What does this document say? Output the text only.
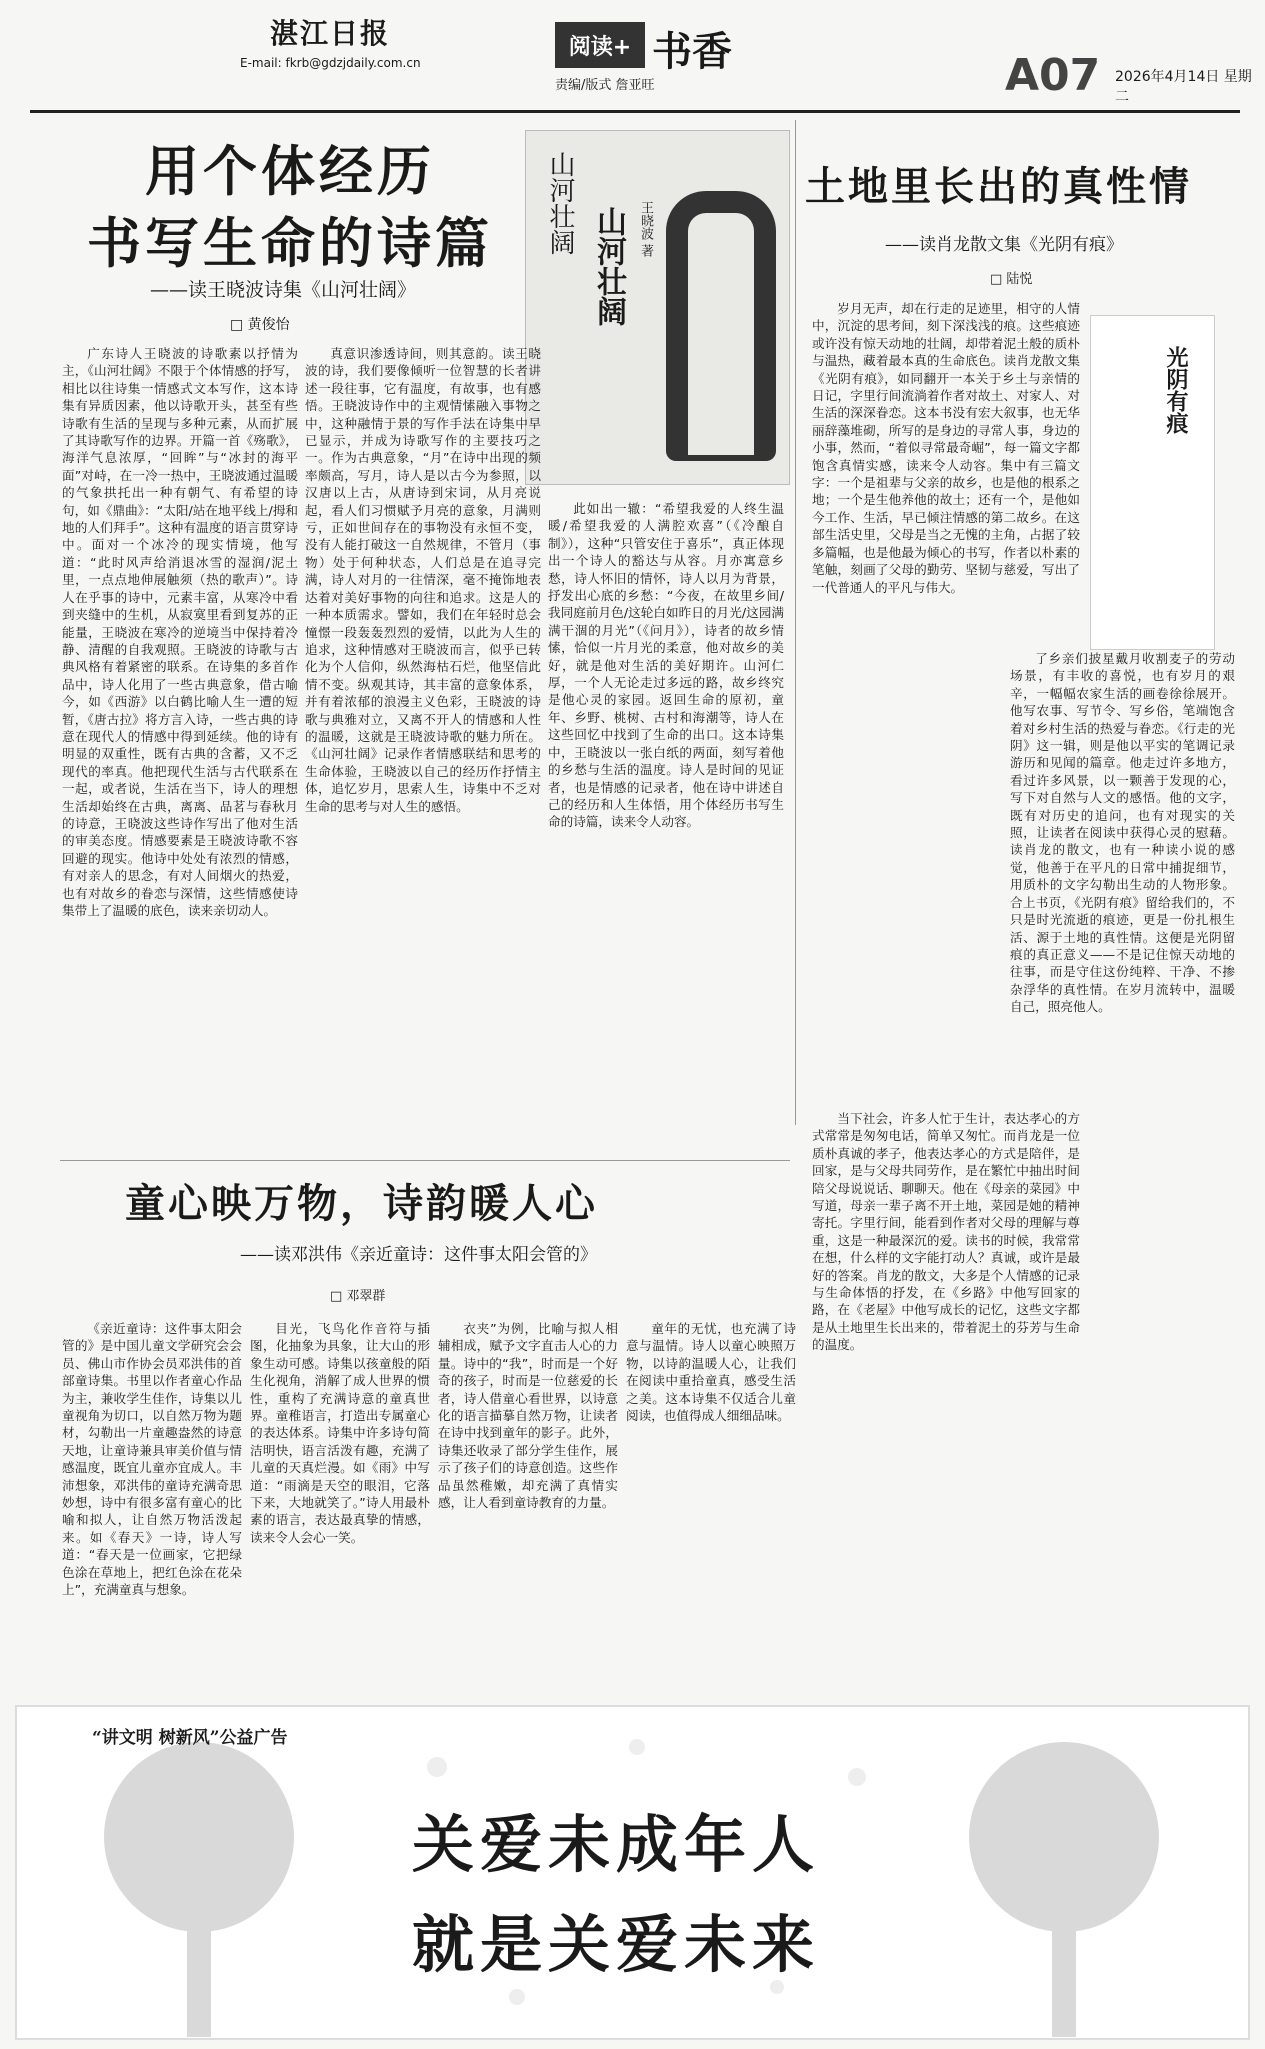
湛江日报
E-mail: fkrb@gdzjdaily.com.cn
阅读+ 书香
责编/版式 詹亚旺	A07 2026年4月14日 星期二
用个体经历
书写生命的诗篇
——读王晓波诗集《山河壮阔》
□ 黄俊怡
山河壮阔
山河壮阔 王晓波 著

广东诗人王晓波的诗歌素以抒情为主，《山河壮阔》不限于个体情感的抒写，相比以往诗集一情感式文本写作，这本诗集有异质因素，他以诗歌开头，甚至有些诗歌有生活的呈现与多种元素，从而扩展了其诗歌写作的边界。开篇一首《殇歌》，海洋气息浓厚，“回眸”与“冰封的海平面”对峙，在一冷一热中，王晓波通过温暖的气象拱托出一种有朝气、有希望的诗句，如《鼎曲》：“太阳/站在地平线上/拇和地的人们拜手”。这种有温度的语言贯穿诗中。面对一个冰冷的现实情境，他写道：“此时风声给消退冰雪的湿润/泥土里，一点点地伸展触须（热的歌声）”。诗人在乎事的诗中，元素丰富，从寒冷中看到夹缝中的生机，从寂寞里看到复苏的正能量，王晓波在寒冷的逆境当中保持着冷静、清醒的自我观照。王晓波的诗歌与古典风格有着紧密的联系。在诗集的多首作品中，诗人化用了一些古典意象，借古喻今，如《西游》以白鹤比喻人生一遭的短暂，《唐古拉》将方言入诗，一些古典的诗意在现代人的情感中得到延续。他的诗有明显的双重性，既有古典的含蓄，又不乏现代的率真。他把现代生活与古代联系在一起，或者说，生活在当下，诗人的理想生活却始终在古典，离离、品茗与春秋月的诗意，王晓波这些诗作写出了他对生活的审美态度。情感要素是王晓波诗歌不容回避的现实。他诗中处处有浓烈的情感，有对亲人的思念，有对人间烟火的热爱，也有对故乡的眷恋与深情，这些情感使诗集带上了温暖的底色，读来亲切动人。

真意识渗透诗间，则其意韵。读王晓波的诗，我们要像倾听一位智慧的长者讲述一段往事，它有温度，有故事，也有感悟。王晓波诗作中的主观情愫融入事物之中，这种融情于景的写作手法在诗集中早已显示，并成为诗歌写作的主要技巧之一。作为古典意象，“月”在诗中出现的频率颇高，写月，诗人是以古今为参照，以汉唐以上古，从唐诗到宋词，从月亮说起，看人们习惯赋予月亮的意象，月满则亏，正如世间存在的事物没有永恒不变，没有人能打破这一自然规律，不管月（事物）处于何种状态，人们总是在追寻完满，诗人对月的一往情深，毫不掩饰地表达着对美好事物的向往和追求。这是人的一种本质需求。譬如，我们在年轻时总会憧憬一段轰轰烈烈的爱情，以此为人生的追求，这种情感对王晓波而言，似乎已转化为个人信仰，纵然海枯石烂，他坚信此情不变。纵观其诗，其丰富的意象体系，并有着浓郁的浪漫主义色彩，王晓波的诗歌与典雅对立，又离不开人的情感和人性的温暖，这就是王晓波诗歌的魅力所在。《山河壮阔》记录作者情感联结和思考的生命体验，王晓波以自己的经历作抒情主体，追忆岁月，思索人生，诗集中不乏对生命的思考与对人生的感悟。

此如出一辙：“希望我爱的人终生温暖/希望我爱的人满腔欢喜”（《冷酿自制》），这种“只管安住于喜乐”，真正体现出一个诗人的豁达与从容。月亦寓意乡愁，诗人怀旧的情怀，诗人以月为背景，抒发出心底的乡愁：“今夜，在故里乡间/我同庭前月色/这轮白如昨日的月光/这园满满干涸的月光”（《问月》），诗者的故乡情愫，恰似一片月光的柔意，他对故乡的美好，就是他对生活的美好期许。山河仁厚，一个人无论走过多远的路，故乡终究是他心灵的家园。返回生命的原初，童年、乡野、桃树、古村和海潮等，诗人在这些回忆中找到了生命的出口。这本诗集中，王晓波以一张白纸的两面，刻写着他的乡愁与生活的温度。诗人是时间的见证者，也是情感的记录者，他在诗中讲述自己的经历和人生体悟，用个体经历书写生命的诗篇，读来令人动容。

土地里长出的真性情
——读肖龙散文集《光阴有痕》
□ 陆悦
光阴有痕

岁月无声，却在行走的足迹里，相守的人情中，沉淀的思考间，刻下深浅浅的痕。这些痕迹或许没有惊天动地的壮阔，却带着泥土般的质朴与温热，藏着最本真的生命底色。读肖龙散文集《光阴有痕》，如同翻开一本关于乡土与亲情的日记，字里行间流淌着作者对故土、对家人、对生活的深深眷恋。这本书没有宏大叙事，也无华丽辞藻堆砌，所写的是身边的寻常人事，身边的小事，然而，“着似寻常最奇崛”，每一篇文字都饱含真情实感，读来令人动容。集中有三篇文字：一个是祖辈与父亲的故乡，也是他的根系之地；一个是生他养他的故土；还有一个，是他如今工作、生活，早已倾注情感的第二故乡。在这部生活史里，父母是当之无愧的主角，占据了较多篇幅，也是他最为倾心的书写，作者以朴素的笔触，刻画了父母的勤劳、坚韧与慈爱，写出了一代普通人的平凡与伟大。

当下社会，许多人忙于生计，表达孝心的方式常常是匆匆电话，简单又匆忙。而肖龙是一位质朴真诚的孝子，他表达孝心的方式是陪伴，是回家，是与父母共同劳作，是在繁忙中抽出时间陪父母说说话、聊聊天。他在《母亲的菜园》中写道，母亲一辈子离不开土地，菜园是她的精神寄托。字里行间，能看到作者对父母的理解与尊重，这是一种最深沉的爱。读书的时候，我常常在想，什么样的文字能打动人？真诚，或许是最好的答案。肖龙的散文，大多是个人情感的记录与生命体悟的抒发，在《乡路》中他写回家的路，在《老屋》中他写成长的记忆，这些文字都是从土地里生长出来的，带着泥土的芬芳与生命的温度。

了乡亲们披星戴月收割麦子的劳动场景，有丰收的喜悦，也有岁月的艰辛，一幅幅农家生活的画卷徐徐展开。他写农事、写节令、写乡俗，笔端饱含着对乡村生活的热爱与眷恋。《行走的光阴》这一辑，则是他以平实的笔调记录游历和见闻的篇章。他走过许多地方，看过许多风景，以一颗善于发现的心，写下对自然与人文的感悟。他的文字，既有对历史的追问，也有对现实的关照，让读者在阅读中获得心灵的慰藉。读肖龙的散文，也有一种读小说的感觉，他善于在平凡的日常中捕捉细节，用质朴的文字勾勒出生动的人物形象。合上书页，《光阴有痕》留给我们的，不只是时光流逝的痕迹，更是一份扎根生活、源于土地的真性情。这便是光阴留痕的真正意义——不是记住惊天动地的往事，而是守住这份纯粹、干净、不掺杂浮华的真性情。在岁月流转中，温暖自己，照亮他人。

童心映万物，诗韵暖人心
——读邓洪伟《亲近童诗：这件事太阳会管的》
□ 邓翠群

《亲近童诗：这件事太阳会管的》是中国儿童文学研究会会员、佛山市作协会员邓洪伟的首部童诗集。书里以作者童心作品为主，兼收学生佳作，诗集以儿童视角为切口，以自然万物为题材，勾勒出一片童趣盎然的诗意天地，让童诗兼具审美价值与情感温度，既宜儿童亦宜成人。丰沛想象，邓洪伟的童诗充满奇思妙想，诗中有很多富有童心的比喻和拟人，让自然万物活泼起来。如《春天》一诗，诗人写道：“春天是一位画家，它把绿色涂在草地上，把红色涂在花朵上”，充满童真与想象。

目光，飞鸟化作音符与插图，化抽象为具象，让大山的形象生动可感。诗集以孩童般的陌生化视角，消解了成人世界的惯性，重构了充满诗意的童真世界。童稚语言，打造出专属童心的表达体系。诗集中许多诗句简洁明快，语言活泼有趣，充满了儿童的天真烂漫。如《雨》中写道：“雨滴是天空的眼泪，它落下来，大地就笑了。”诗人用最朴素的语言，表达最真挚的情感，读来令人会心一笑。

衣夹”为例，比喻与拟人相辅相成，赋予文字直击人心的力量。诗中的“我”，时而是一个好奇的孩子，时而是一位慈爱的长者，诗人借童心看世界，以诗意化的语言描摹自然万物，让读者在诗中找到童年的影子。此外，诗集还收录了部分学生佳作，展示了孩子们的诗意创造。这些作品虽然稚嫩，却充满了真情实感，让人看到童诗教育的力量。

童年的无忧，也充满了诗意与温情。诗人以童心映照万物，以诗韵温暖人心，让我们在阅读中重拾童真，感受生活之美。这本诗集不仅适合儿童阅读，也值得成人细细品味。

“讲文明 树新风”公益广告
关爱未成年人
就是关爱未来
